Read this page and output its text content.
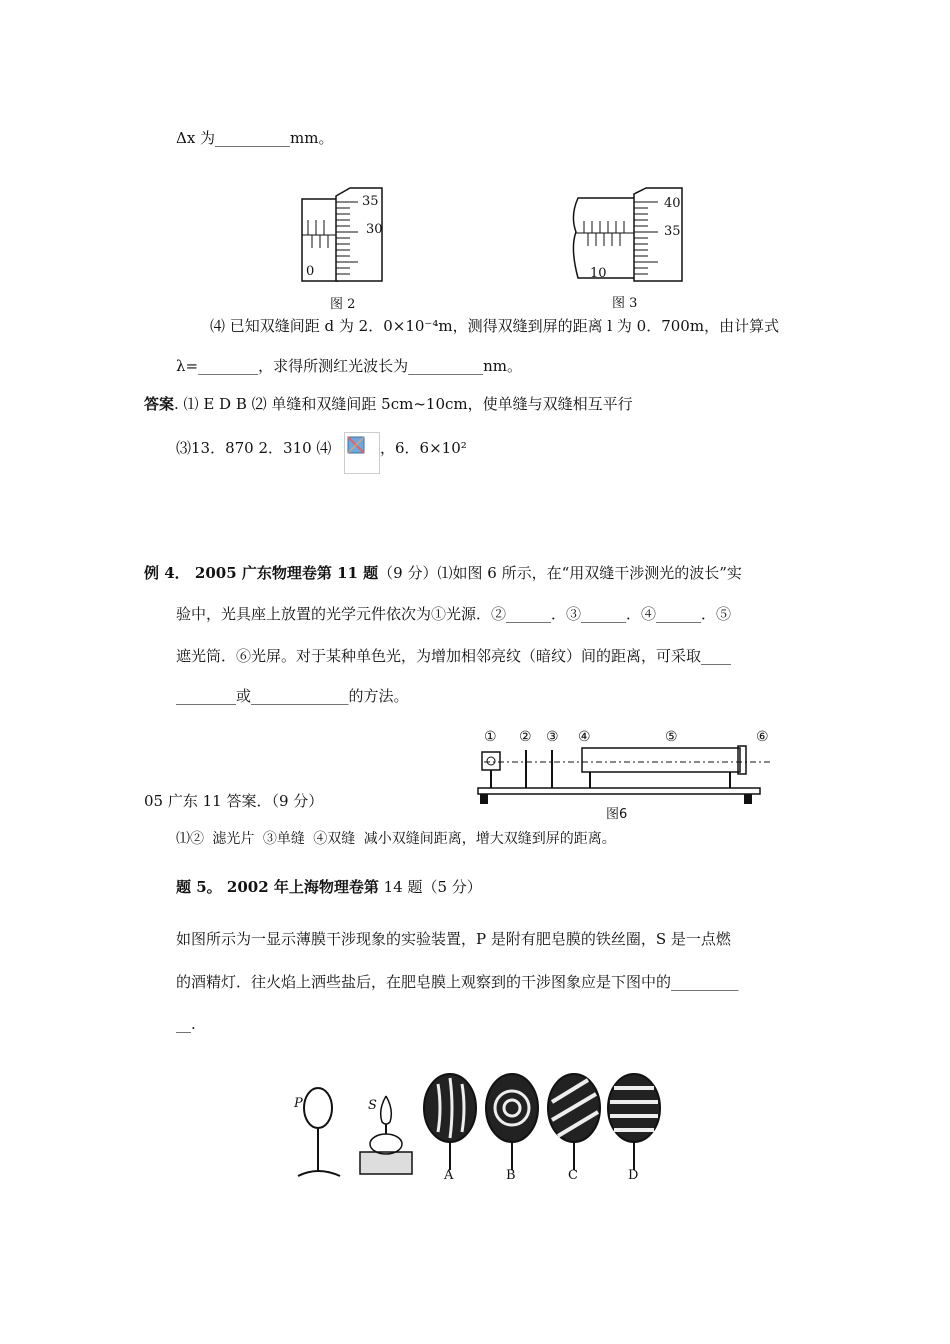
Δx 为__________mm。
35
30
0
图 2
40
35
10
图 3
⑷ 已知双缝间距 d 为 2．0×10⁻⁴m，测得双缝到屏的距离 l 为 0．700m，由计算式
λ=________，求得所测红光波长为__________nm。
答案. ⑴ E D B ⑵ 单缝和双缝间距 5cm~10cm，使单缝与双缝相互平行
⑶13．870 2．310 ⑷	，6．6×10²
例 4． 2005 广东物理卷第 11 题（9 分）⑴如图 6 所示，在“用双缝干涉测光的波长”实
验中，光具座上放置的光学元件依次为①光源．②______．③______．④______．⑤
遮光筒．⑥光屏。对于某种单色光，为增加相邻亮纹（暗纹）间的距离，可采取____
________或_____________的方法。
① ② ③ ④	⑤	⑥
图6
05 广东 11 答案．（9 分）
⑴② 滤光片 ③单缝 ④双缝 减小双缝间距离，增大双缝到屏的距离。
题 5。 2002 年上海物理卷第 14 题（5 分）
如图所示为一显示薄膜干涉现象的实验装置，P 是附有肥皂膜的铁丝圈，S 是一点燃
的酒精灯．往火焰上洒些盐后，在肥皂膜上观察到的干涉图象应是下图中的_________
__.
P	S
A	B	C	D
